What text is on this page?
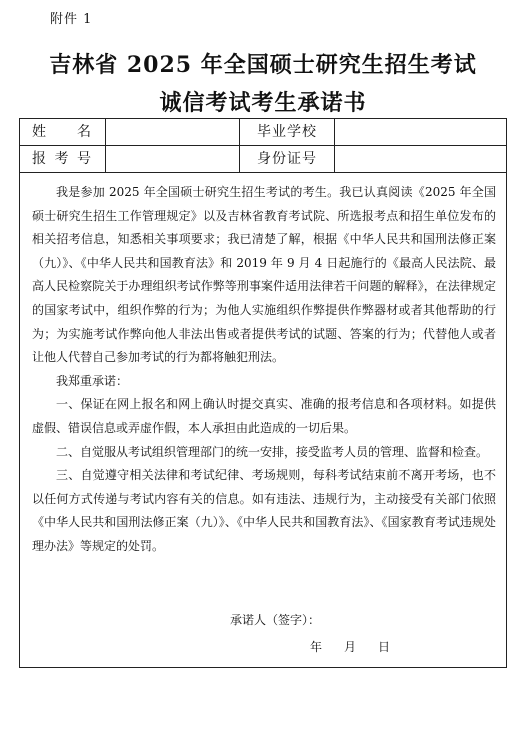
附件 1
吉林省 2025 年全国硕士研究生招生考试
诚信考试考生承诺书
姓　名	毕业学校
报考号	身份证号

我是参加 2025 年全国硕士研究生招生考试的考生。我已认真阅读《2025 年全国硕士研究生招生工作管理规定》以及吉林省教育考试院、所选报考点和招生单位发布的相关招考信息，知悉相关事项要求；我已清楚了解，根据《中华人民共和国刑法修正案（九）》、《中华人民共和国教育法》和 2019 年 9 月 4 日起施行的《最高人民法院、最高人民检察院关于办理组织考试作弊等刑事案件适用法律若干问题的解释》，在法律规定的国家考试中，组织作弊的行为；为他人实施组织作弊提供作弊器材或者其他帮助的行为；为实施考试作弊向他人非法出售或者提供考试的试题、答案的行为；代替他人或者让他人代替自己参加考试的行为都将触犯刑法。

我郑重承诺：

一、保证在网上报名和网上确认时提交真实、准确的报考信息和各项材料。如提供虚假、错误信息或弄虚作假，本人承担由此造成的一切后果。

二、自觉服从考试组织管理部门的统一安排，接受监考人员的管理、监督和检查。

三、自觉遵守相关法律和考试纪律、考场规则，每科考试结束前不离开考场，也不以任何方式传递与考试内容有关的信息。如有违法、违规行为，主动接受有关部门依照《中华人民共和国刑法修正案（九）》、《中华人民共和国教育法》、《国家教育考试违规处理办法》等规定的处罚。

承诺人（签字）：
年 月 日
